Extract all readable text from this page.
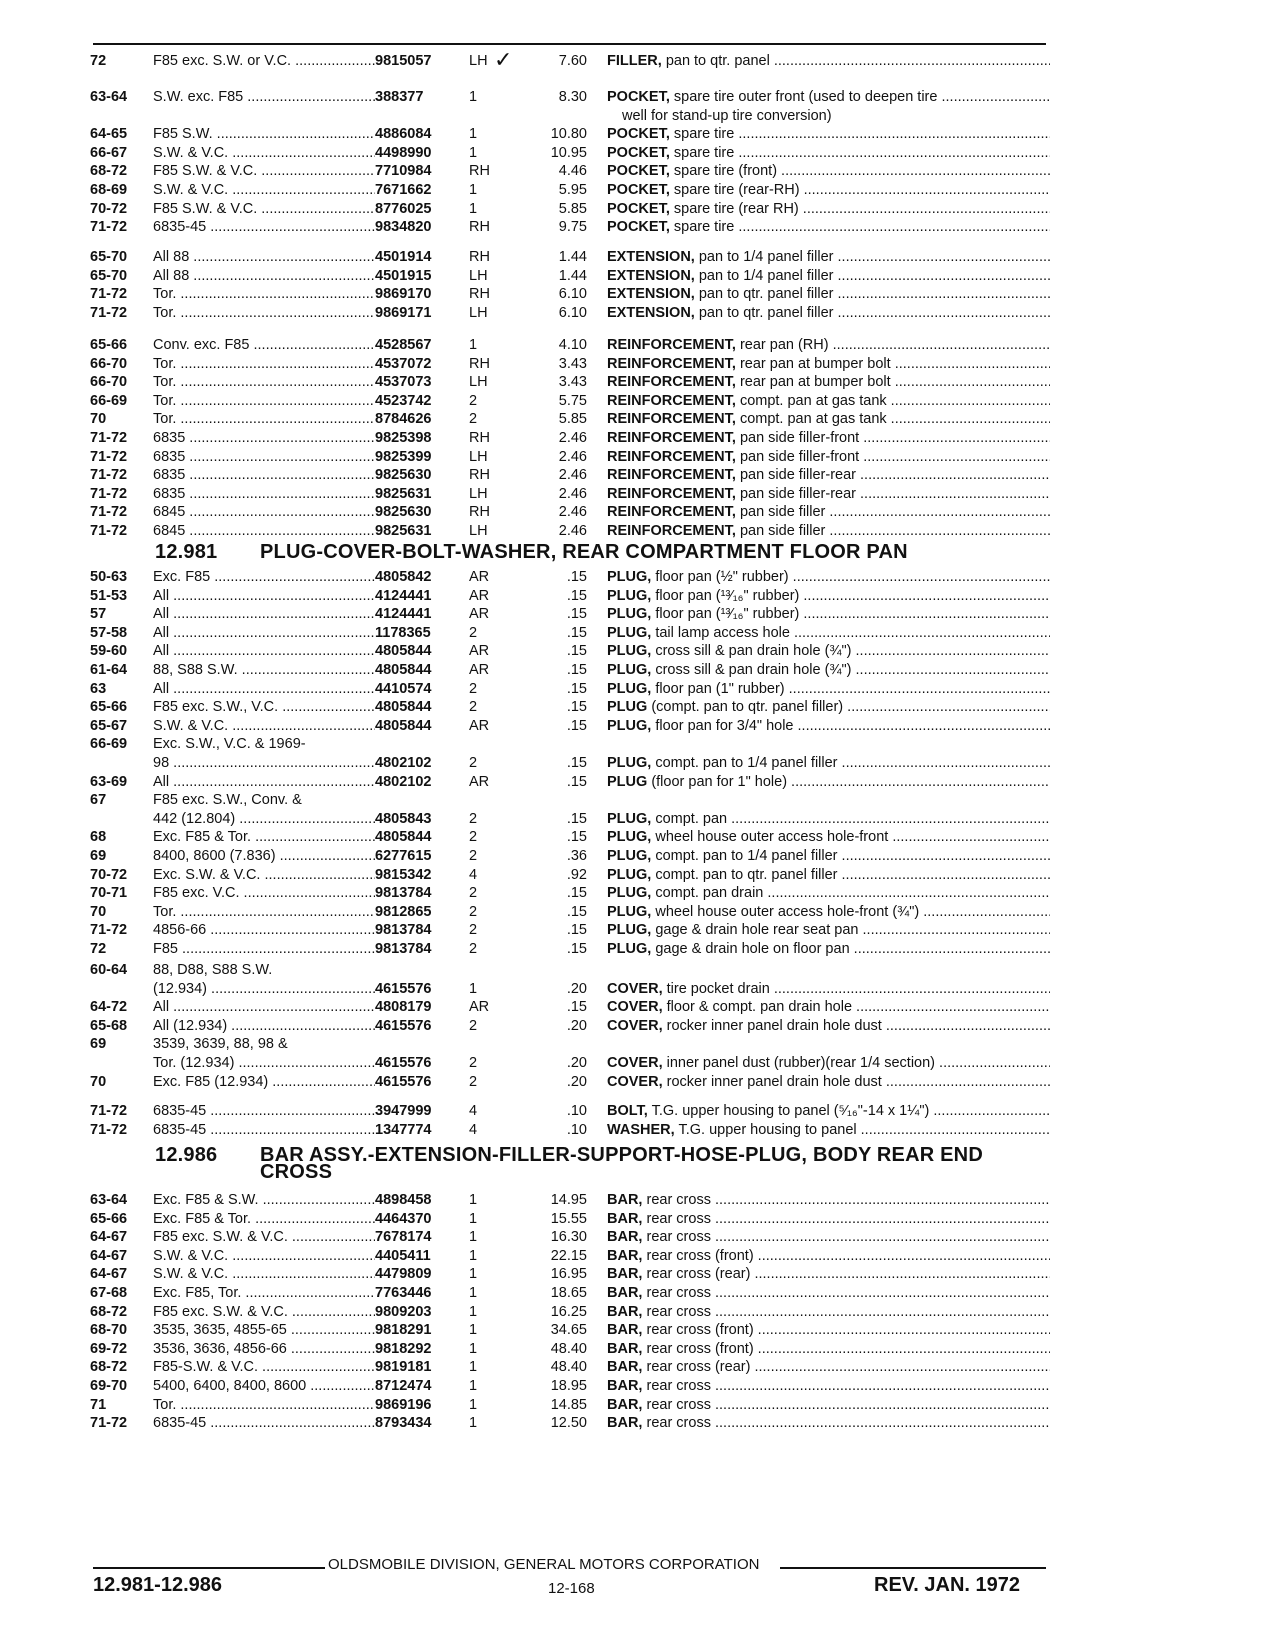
✓
72	F85 exc. S.W. or V.C. .....	9815057	LH	7.60	FILLER, pan to qtr. panel .....
63-64	S.W. exc. F85 .....	388377	1	8.30	POCKET, spare tire outer front (used to deepen tire .....
					well for stand-up tire conversion)
64-65	F85 S.W. .....	4886084	1	10.80	POCKET, spare tire .....
66-67	S.W. & V.C. .....	4498990	1	10.95	POCKET, spare tire .....
68-72	F85 S.W. & V.C. .....	7710984	RH	4.46	POCKET, spare tire (front) .....
68-69	S.W. & V.C. .....	7671662	1	5.95	POCKET, spare tire (rear-RH) .....
70-72	F85 S.W. & V.C. .....	8776025	1	5.85	POCKET, spare tire (rear RH) .....
71-72	6835-45 .....	9834820	RH	9.75	POCKET, spare tire .....
65-70	All 88 .....	4501914	RH	1.44	EXTENSION, pan to 1/4 panel filler .....
65-70	All 88 .....	4501915	LH	1.44	EXTENSION, pan to 1/4 panel filler .....
71-72	Tor. .....	9869170	RH	6.10	EXTENSION, pan to qtr. panel filler .....
71-72	Tor. .....	9869171	LH	6.10	EXTENSION, pan to qtr. panel filler .....
65-66	Conv. exc. F85 .....	4528567	1	4.10	REINFORCEMENT, rear pan (RH) .....
66-70	Tor. .....	4537072	RH	3.43	REINFORCEMENT, rear pan at bumper bolt .....
66-70	Tor. .....	4537073	LH	3.43	REINFORCEMENT, rear pan at bumper bolt .....
66-69	Tor. .....	4523742	2	5.75	REINFORCEMENT, compt. pan at gas tank .....
70	Tor. .....	8784626	2	5.85	REINFORCEMENT, compt. pan at gas tank .....
71-72	6835 .....	9825398	RH	2.46	REINFORCEMENT, pan side filler-front .....
71-72	6835 .....	9825399	LH	2.46	REINFORCEMENT, pan side filler-front .....
71-72	6835 .....	9825630	RH	2.46	REINFORCEMENT, pan side filler-rear .....
71-72	6835 .....	9825631	LH	2.46	REINFORCEMENT, pan side filler-rear .....
71-72	6845 .....	9825630	RH	2.46	REINFORCEMENT, pan side filler .....
71-72	6845 .....	9825631	LH	2.46	REINFORCEMENT, pan side filler .....
12.981 PLUG-COVER-BOLT-WASHER, REAR COMPARTMENT FLOOR PAN
50-63	Exc. F85 .....	4805842	AR	.15	PLUG, floor pan (½" rubber) .....
51-53	All .....	4124441	AR	.15	PLUG, floor pan (¹³⁄₁₆" rubber) .....
57	All .....	4124441	AR	.15	PLUG, floor pan (¹³⁄₁₆" rubber) .....
57-58	All .....	1178365	2	.15	PLUG, tail lamp access hole .....
59-60	All .....	4805844	AR	.15	PLUG, cross sill & pan drain hole (¾") .....
61-64	88, S88 S.W. .....	4805844	AR	.15	PLUG, cross sill & pan drain hole (¾") .....
63	All .....	4410574	2	.15	PLUG, floor pan (1" rubber) .....
65-66	F85 exc. S.W., V.C. .....	4805844	2	.15	PLUG (compt. pan to qtr. panel filler) .....
65-67	S.W. & V.C. .....	4805844	AR	.15	PLUG, floor pan for 3/4" hole .....
66-69	Exc. S.W., V.C. & 1969-				
	98 .....	4802102	2	.15	PLUG, compt. pan to 1/4 panel filler .....
63-69	All .....	4802102	AR	.15	PLUG (floor pan for 1" hole) .....
67	F85 exc. S.W., Conv. &				
	442 (12.804) .....	4805843	2	.15	PLUG, compt. pan .....
68	Exc. F85 & Tor. .....	4805844	2	.15	PLUG, wheel house outer access hole-front .....
69	8400, 8600 (7.836) .....	6277615	2	.36	PLUG, compt. pan to 1/4 panel filler .....
70-72	Exc. S.W. & V.C. .....	9815342	4	.92	PLUG, compt. pan to qtr. panel filler .....
70-71	F85 exc. V.C. .....	9813784	2	.15	PLUG, compt. pan drain .....
70	Tor. .....	9812865	2	.15	PLUG, wheel house outer access hole-front (¾") .....
71-72	4856-66 .....	9813784	2	.15	PLUG, gage & drain hole rear seat pan .....
72	F85 .....	9813784	2	.15	PLUG, gage & drain hole on floor pan .....
60-64	88, D88, S88 S.W.				
	(12.934) .....	4615576	1	.20	COVER, tire pocket drain .....
64-72	All .....	4808179	AR	.15	COVER, floor & compt. pan drain hole .....
65-68	All (12.934) .....	4615576	2	.20	COVER, rocker inner panel drain hole dust .....
69	3539, 3639, 88, 98 &				
	Tor. (12.934) .....	4615576	2	.20	COVER, inner panel dust (rubber)(rear 1/4 section) .....
70	Exc. F85 (12.934) .....	4615576	2	.20	COVER, rocker inner panel drain hole dust .....
71-72	6835-45 .....	3947999	4	.10	BOLT, T.G. upper housing to panel (⁵⁄₁₆"-14 x 1¼") .....
71-72	6835-45 .....	1347774	4	.10	WASHER, T.G. upper housing to panel .....
12.986 BAR ASSY.-EXTENSION-FILLER-SUPPORT-HOSE-PLUG, BODY REAR END
CROSS
63-64	Exc. F85 & S.W. .....	4898458	1	14.95	BAR, rear cross .....
65-66	Exc. F85 & Tor. .....	4464370	1	15.55	BAR, rear cross .....
64-67	F85 exc. S.W. & V.C. .....	7678174	1	16.30	BAR, rear cross .....
64-67	S.W. & V.C. .....	4405411	1	22.15	BAR, rear cross (front) .....
64-67	S.W. & V.C. .....	4479809	1	16.95	BAR, rear cross (rear) .....
67-68	Exc. F85, Tor. .....	7763446	1	18.65	BAR, rear cross .....
68-72	F85 exc. S.W. & V.C. .....	9809203	1	16.25	BAR, rear cross .....
68-70	3535, 3635, 4855-65 .....	9818291	1	34.65	BAR, rear cross (front) .....
69-72	3536, 3636, 4856-66 .....	9818292	1	48.40	BAR, rear cross (front) .....
68-72	F85-S.W. & V.C. .....	9819181	1	48.40	BAR, rear cross (rear) .....
69-70	5400, 6400, 8400, 8600 .....	8712474	1	18.95	BAR, rear cross .....
71	Tor. .....	9869196	1	14.85	BAR, rear cross .....
71-72	6835-45 .....	8793434	1	12.50	BAR, rear cross .....
OLDSMOBILE DIVISION, GENERAL MOTORS CORPORATION
12.981-12.986	12-168	REV. JAN. 1972
